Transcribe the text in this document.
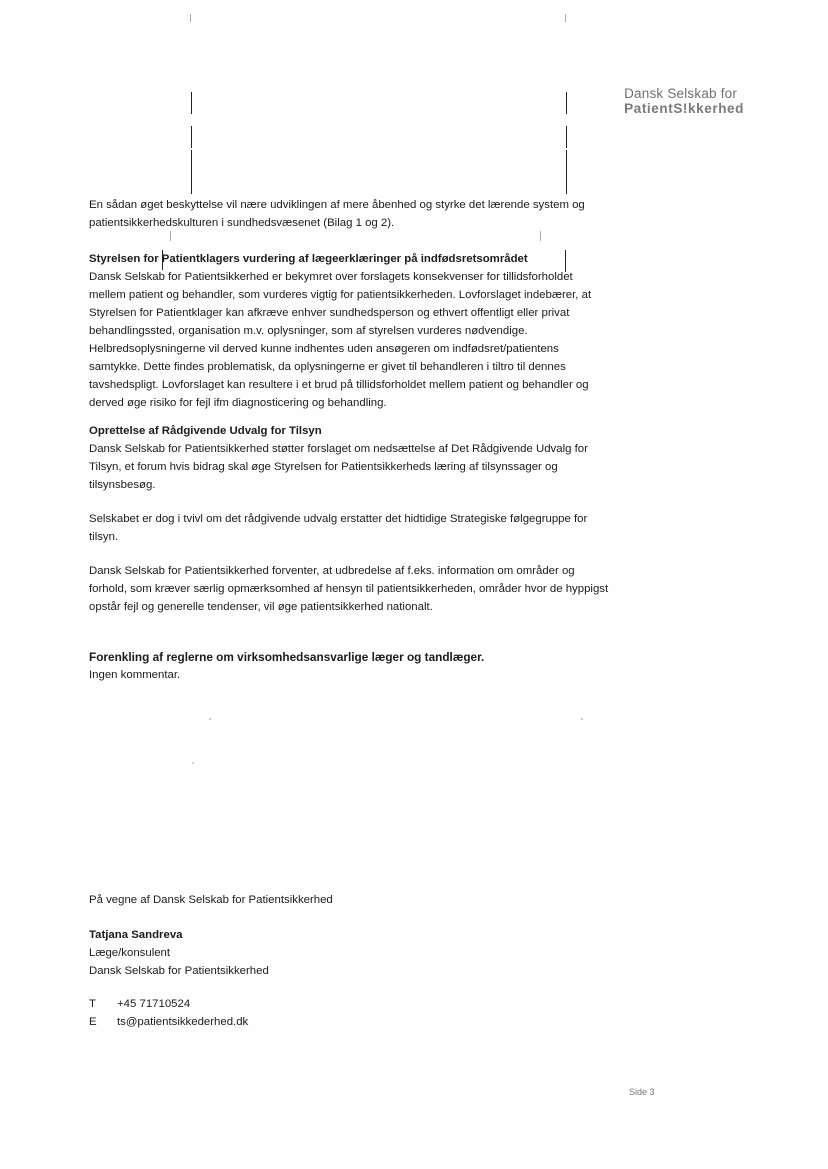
Dansk Selskab for
PatientS!kkerhed

En sådan øget beskyttelse vil nære udviklingen af mere åbenhed og styrke det lærende system og patientsikkerhedskulturen i sundhedsvæsenet (Bilag 1 og 2).

Styrelsen for Patientklagers vurdering af lægeerklæringer på indfødsretsområdet

Dansk Selskab for Patientsikkerhed er bekymret over forslagets konsekvenser for tillidsforholdet mellem patient og behandler, som vurderes vigtig for patientsikkerheden. Lovforslaget indebærer, at Styrelsen for Patientklager kan afkræve enhver sundhedsperson og ethvert offentligt eller privat behandlingssted, organisation m.v. oplysninger, som af styrelsen vurderes nødvendige. Helbredsoplysningerne vil derved kunne indhentes uden ansøgeren om indfødsret/patientens samtykke. Dette findes problematisk, da oplysningerne er givet til behandleren i tiltro til dennes tavshedspligt. Lovforslaget kan resultere i et brud på tillidsforholdet mellem patient og behandler og derved øge risiko for fejl ifm diagnosticering og behandling.

Oprettelse af Rådgivende Udvalg for Tilsyn

Dansk Selskab for Patientsikkerhed støtter forslaget om nedsættelse af Det Rådgivende Udvalg for Tilsyn, et forum hvis bidrag skal øge Styrelsen for Patientsikkerheds læring af tilsynssager og tilsynsbesøg.

Selskabet er dog i tvivl om det rådgivende udvalg erstatter det hidtidige Strategiske følgegruppe for tilsyn.

Dansk Selskab for Patientsikkerhed forventer, at udbredelse af f.eks. information om områder og forhold, som kræver særlig opmærksomhed af hensyn til patientsikkerheden, områder hvor de hyppigst opstår fejl og generelle tendenser, vil øge patientsikkerhed nationalt.

Forenkling af reglerne om virksomhedsansvarlige læger og tandlæger.

Ingen kommentar.

På vegne af Dansk Selskab for Patientsikkerhed

Tatjana Sandreva

Læge/konsulent

Dansk Selskab for Patientsikkerhed

T	+45 71710524
E	ts@patientsikkederhed.dk
Side 3
